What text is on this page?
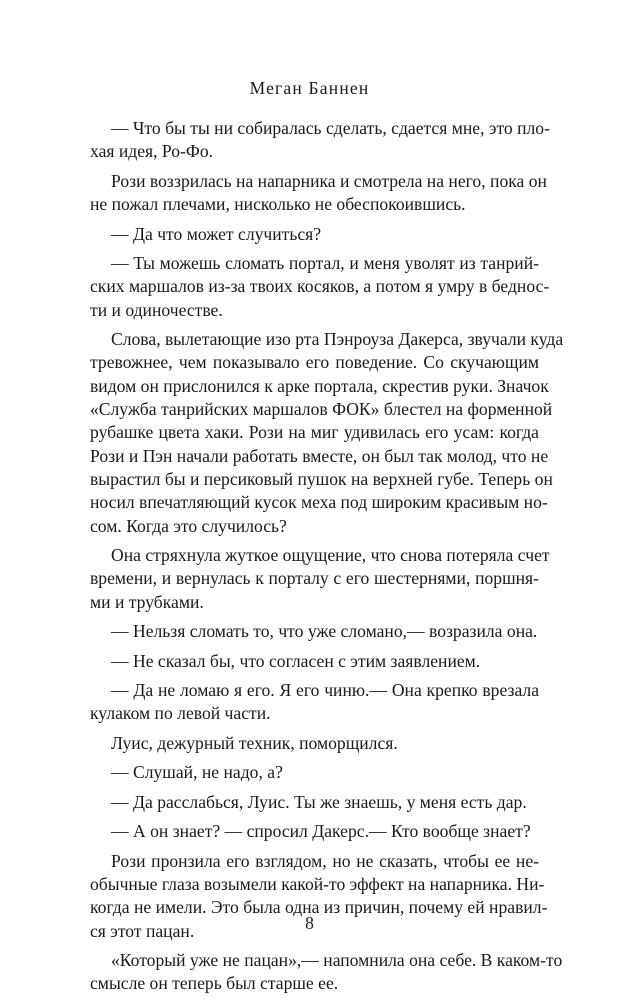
Меган Баннен

— Что бы ты ни собиралась сделать, сдается мне, это пло-
хая идея, Ро-Фо.

Рози воззрилась на напарника и смотрела на него, пока он
не пожал плечами, нисколько не обеспокоившись.

— Да что может случиться?

— Ты можешь сломать портал, и меня уволят из танрий-
ских маршалов из-за твоих косяков, а потом я умру в беднос-
ти и одиночестве.

Слова, вылетающие изо рта Пэнроуза Дакерса, звучали куда
тревожнее, чем показывало его поведение. Со скучающим
видом он прислонился к арке портала, скрестив руки. Значок
«Служба танрийских маршалов ФОК» блестел на форменной
рубашке цвета хаки. Рози на миг удивилась его усам: когда
Рози и Пэн начали работать вместе, он был так молод, что не
вырастил бы и персиковый пушок на верхней губе. Теперь он
носил впечатляющий кусок меха под широким красивым но-
сом. Когда это случилось?

Она стряхнула жуткое ощущение, что снова потеряла счет
времени, и вернулась к порталу с его шестернями, поршня-
ми и трубками.

— Нельзя сломать то, что уже сломано,— возразила она.

— Не сказал бы, что согласен с этим заявлением.

— Да не ломаю я его. Я его чиню.— Она крепко врезала
кулаком по левой части.

Луис, дежурный техник, поморщился.

— Слушай, не надо, а?

— Да расслабься, Луис. Ты же знаешь, у меня есть дар.

— А он знает? — спросил Дакерс.— Кто вообще знает?

Рози пронзила его взглядом, но не сказать, чтобы ее не-
обычные глаза возымели какой-то эффект на напарника. Ни-
когда не имели. Это была одна из причин, почему ей нравил-
ся этот пацан.

«Который уже не пацан»,— напомнила она себе. В каком-то
смысле он теперь был старше ее.

8
